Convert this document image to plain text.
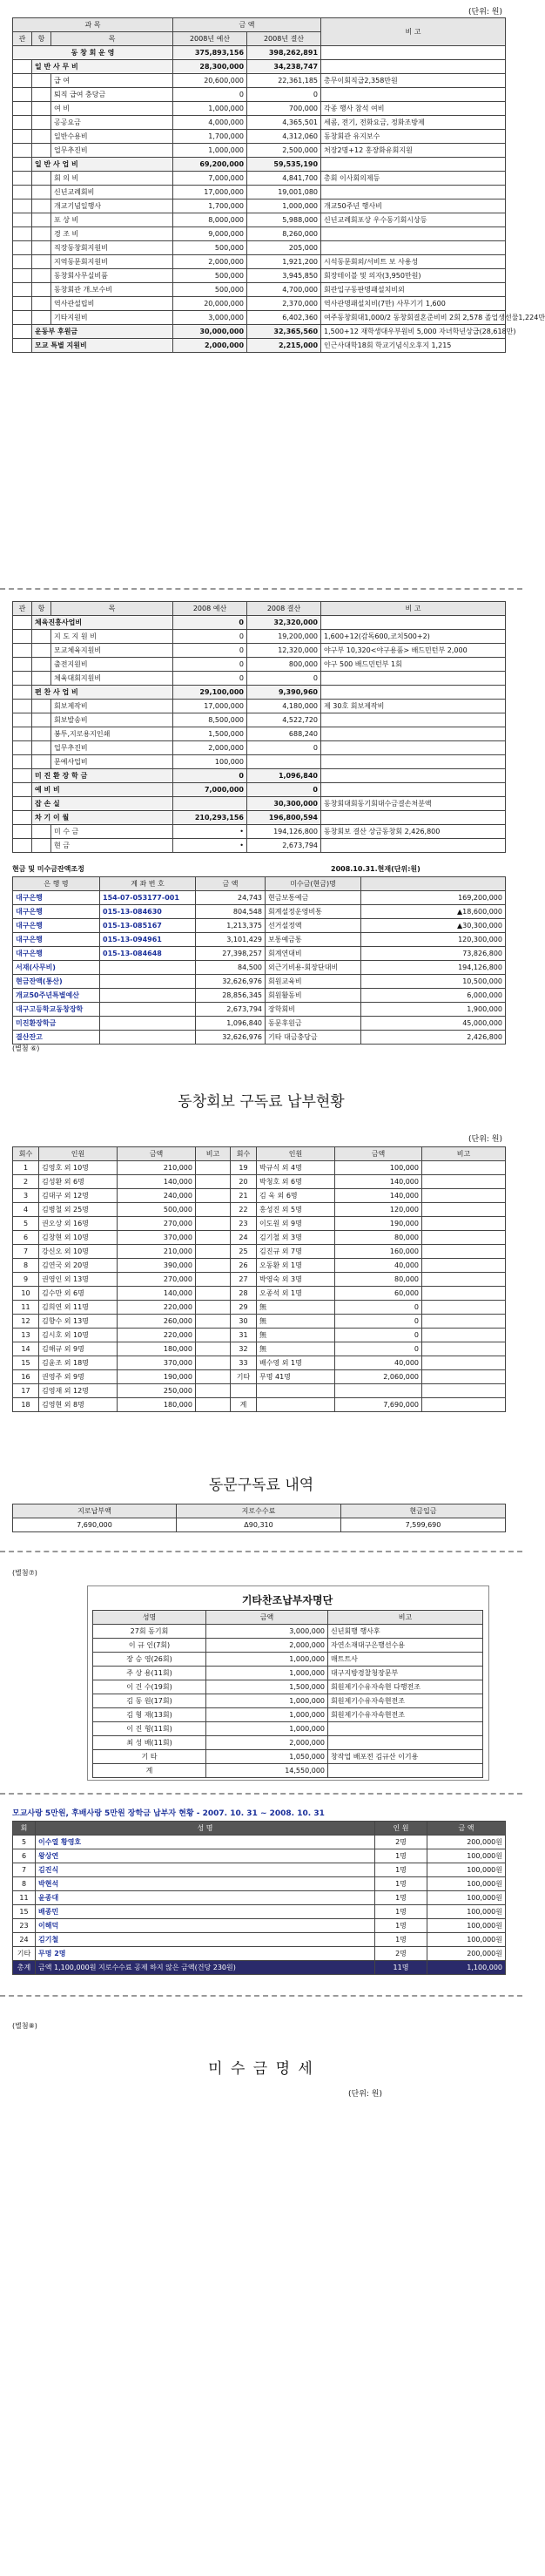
(단위: 원)
과 목			금 액		비 고
관	항	목	2008년 예산	2008년 결산	
동 창 회 운 영			375,893,156	398,262,891	
	일 반 사 무 비		28,300,000	34,238,747	
		급 여	20,600,000	22,361,185	총무이회직급2,358만원
		퇴직 급여 충당금	0	0	
		여 비	1,000,000	700,000	각종 행사 참석 여비
		공공요금	4,000,000	4,365,501	세콤, 전기, 전화요금, 정화조방제
		일반수용비	1,700,000	4,312,060	동창회관 유지보수
		업무추진비	1,000,000	2,500,000	처장2명+12 홍장화유회지원
	일 반 사 업 비		69,200,000	59,535,190	
		회 의 비	7,000,000	4,841,700	총회 이사회의제등
		신년교례회비	17,000,000	19,001,080	
		개교기념일행사	1,700,000	1,000,000	개교50주년 행사비
		포 상 비	8,000,000	5,988,000	신년교례회포상 우수동기회시상등
		경 조 비	9,000,000	8,260,000	
		직장동창회지원비	500,000	205,000	
		지역동문회지원비	2,000,000	1,921,200	시석동문회외/서비트 보 사용성
		동창회사무실비품	500,000	3,945,850	회장테이블 및 의자(3,950만원)
		동창회관 개.보수비	500,000	4,700,000	회관입구동판명패설치비외
		역사관설립비	20,000,000	2,370,000	역사관명패설치비(7만) 사무기기 1,600
		기타지원비	3,000,000	6,402,360	여주동창회대1,000/2 동창회결혼준비비 2회 2,578 졸업생선물1,224만
	운동부 후원금		30,000,000	32,365,560	1,500+12 재학생대우부원비 5,000 자녀학년상급(28,618만)
	모교 특별 지원비		2,000,000	2,215,000	인근사대학18회 학교기념식오후지 1,215
관	항	목	2008 예산	2008 결산	비 고
	체육진흥사업비		0	32,320,000	
		지 도 지 원 비	0	19,200,000	1,600+12(감독600,코치500+2)
		모교체육지원비	0	12,320,000	야구부 10,320<야구용품> 배드민턴부 2,000
		출전지원비	0	800,000	야구 500 배드민턴부 1회
		체육대회지원비	0	0	
	편 찬 사 업 비		29,100,000	9,390,960	
		회보제작비	17,000,000	4,180,000	제 30호 회보제작비
		회보발송비	8,500,000	4,522,720	
		봉투,지로용지인쇄	1,500,000	688,240	
		업무추진비	2,000,000	0	
		문예사업비	100,000		
	미 진 환 장 학 금		0	1,096,840	
	예 비 비		7,000,000	0	
	잡 손 실			30,300,000	동창회대회동기회대수금결손처분액
	차 기 이 월		210,293,156	196,800,594	
		미 수 금	•	194,126,800	동창회보 결산 상금동창회 2,426,800
		현 금	•	2,673,794	
현금 및 미수금잔액조정	2008.10.31.현재(단위:원)
은 행 명	계 좌 번 호	금 액	미수금(현금)명	
대구은행	154-07-053177-001	24,743	현금보통예금	169,200,000
대구은행	015-13-084630	804,548	회계설정운영비통	▲18,600,000
대구은행	015-13-085167	1,213,375	선거설정액	▲30,300,000
대구은행	015-13-094961	3,101,429	보통예금통	120,300,000
대구은행	015-13-084648	27,398,257	회계연대비	73,826,800
서재(사무비)		84,500	외근기비용-회장단대비	194,126,800
현금잔액(통산)		32,626,976	회원교육비	10,500,000
개교50주년특별예산		28,856,345	회원활동비	6,000,000
대구고등학교동창장학		2,673,794	장학회비	1,900,000
미진환장학금		1,096,840	동문후원금	45,000,000
결산잔고		32,626,976	기타 대금충당금	2,426,800
(별첨 ⑥)
동창회보 구독료 납부현황
(단위: 원)
회수	인원	금액	비고	회수	인원	금액	비고
1	김영호 외 10명	210,000		19	박규식 외 4명	100,000	
2	김성환 외 6명	140,000		20	박청호 외 6명	140,000	
3	김대구 외 12명	240,000		21	김 욱 외 6명	140,000	
4	김병철 외 25명	500,000		22	홍성진 외 5명	120,000	
5	권오상 외 16명	270,000		23	이도원 외 9명	190,000	
6	김창현 외 10명	370,000		24	김기철 외 3명	80,000	
7	강신오 외 10명	210,000		25	김진규 외 7명	160,000	
8	김연국 외 20명	390,000		26	오동환 외 1명	40,000	
9	권영인 외 13명	270,000		27	박영숙 외 3명	80,000	
10	김수만 외 6명	140,000		28	오종석 외 1명	60,000	
11	김희연 외 11명	220,000		29	無	0	
12	김향수 외 13명	260,000		30	無	0	
13	김시호 외 10명	220,000		31	無	0	
14	김해규 외 9명	180,000		32	無	0	
15	김윤조 외 18명	370,000		33	배수영 외 1명	40,000	
16	권영주 외 9명	190,000		기타	무명 41명	2,060,000	
17	김영재 외 12명	250,000					
18	김영현 외 8명	180,000		계		7,690,000	
동문구독료 내역
지로납부액	지로수수료	현금입금
7,690,000	Δ90,310	7,599,690
(별첨⑦)
기타찬조납부자명단
성명	금액	비고
27회 동기회	3,000,000	신년회행 행사후
이 규 인(7회)	2,000,000	자연소재대구은행선수용
장 승 영(26회)	1,000,000	매트트사
주 상 용(11회)	1,000,000	대구지방경찰청장문부
이 건 수(19회)	1,500,000	회원제기수유자속현 다행전조
김 동 원(17회)	1,000,000	회원제기수유자속현전조
김 형 재(13회)	1,000,000	회원제기수유자속현전조
이 진 형(11회)	1,000,000	
최 성 배(11회)	2,000,000	
기 타	1,050,000	창작업 배포전 김규산 이기용
계	14,550,000	
모교사랑 5만원, 후배사랑 5만원 장학금 납부자 현황 - 2007. 10. 31 ~ 2008. 10. 31
회	성 명	인 원	금 액
5	이수열 황영호	2명	200,000원
6	왕상연	1명	100,000원
7	김진식	1명	100,000원
8	박현석	1명	100,000원
11	윤종대	1명	100,000원
15	배종민	1명	100,000원
23	이해덕	1명	100,000원
24	김기철	1명	100,000원
기타	무명 2명	2명	200,000원
총계	금액 1,100,000원 지로수수료 공제 하지 않은 금액(건당 230원)	11명	1,100,000
(별첨⑧)
미 수 금 명 세
(단위: 원)
